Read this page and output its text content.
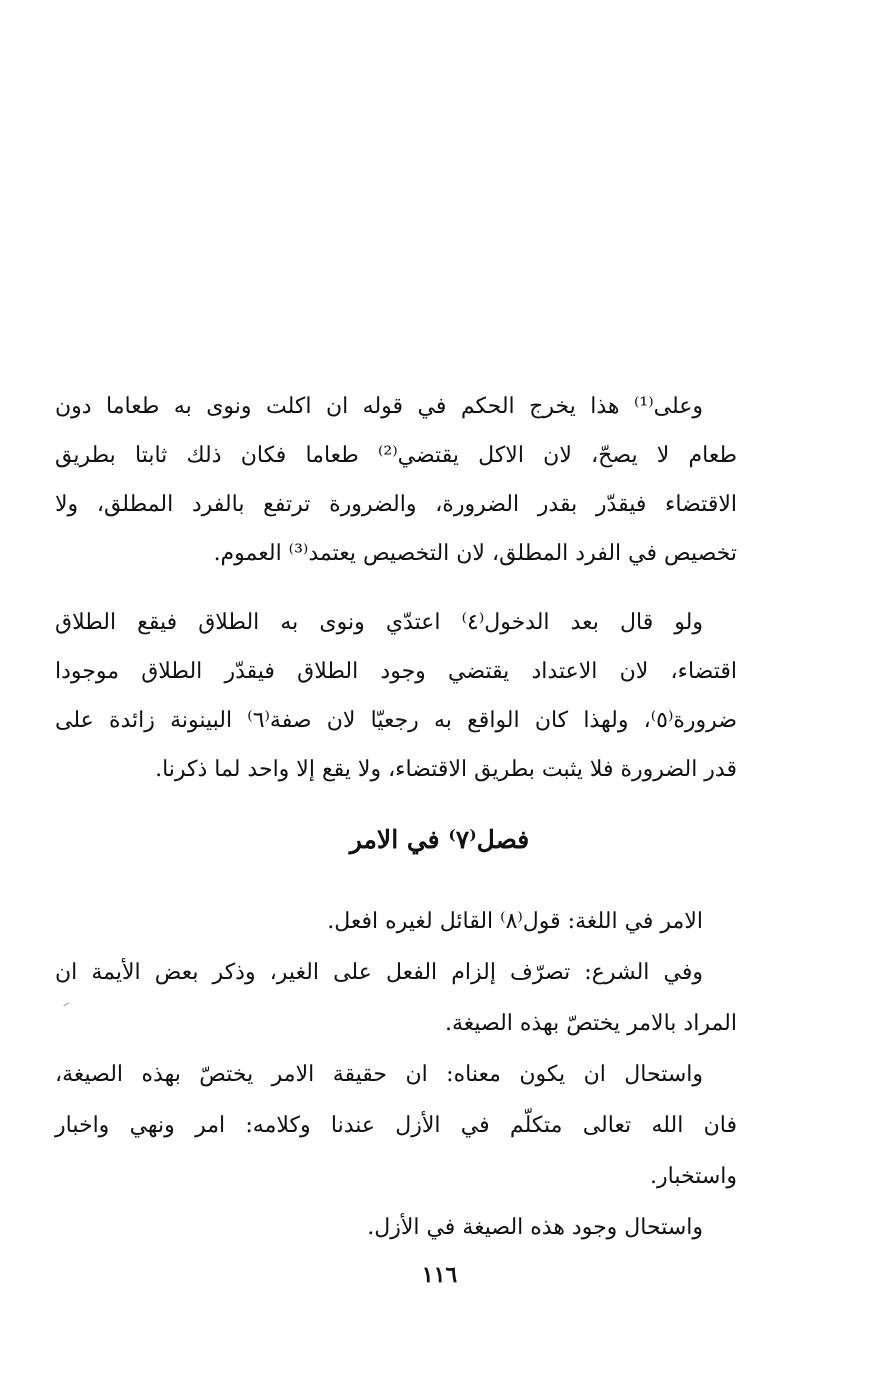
وعلى⁽¹⁾ هذا يخرج الحكم في قوله ان اكلت ونوى به طعاما دون
طعام لا يصحّ، لان الاكل يقتضي⁽²⁾ طعاما فكان ذلك ثابتا بطريق
الاقتضاء فيقدّر بقدر الضرورة، والضرورة ترتفع بالفرد المطلق، ولا
تخصيص في الفرد المطلق، لان التخصيص يعتمد⁽³⁾ العموم.
ولو قال بعد الدخول⁽٤⁾ اعتدّي ونوى به الطلاق فيقع الطلاق
اقتضاء، لان الاعتداد يقتضي وجود الطلاق فيقدّر الطلاق موجودا
ضرورة⁽٥⁾، ولهذا كان الواقع به رجعيّا لان صفة⁽٦⁾ البينونة زائدة على
قدر الضرورة فلا يثبت بطريق الاقتضاء، ولا يقع إلا واحد لما ذكرنا.
فصل⁽٧⁾ في الامر
الامر في اللغة: قول⁽٨⁾ القائل لغيره افعل.
وفي الشرع: تصرّف إلزام الفعل على الغير، وذكر بعض الأيمة ان
المراد بالامر يختصّ بهذه الصيغة.
واستحال ان يكون معناه: ان حقيقة الامر يختصّ بهذه الصيغة،
فان الله تعالى متكلّم في الأزل عندنا وكلامه: امر ونهي واخبار
واستخبار.
واستحال وجود هذه الصيغة في الأزل.
١١٦
